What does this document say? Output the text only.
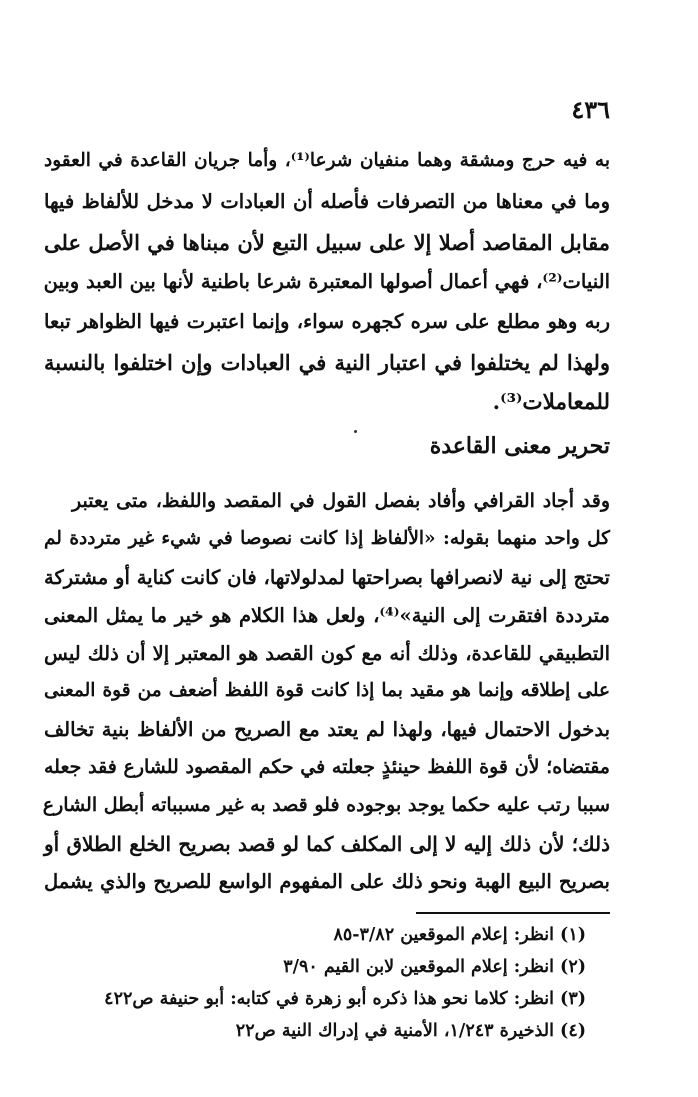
٤٣٦
به فيه حرج ومشقة وهما منفيان شرعا⁽¹⁾، وأما جريان القاعدة في العقود
وما في معناها من التصرفات فأصله أن العبادات لا مدخل للألفاظ فيها
مقابل المقاصد أصلا إلا على سبيل التبع لأن مبناها في الأصل على
النيات⁽²⁾، فهي أعمال أصولها المعتبرة شرعا باطنية لأنها بين العبد وبين
ربه وهو مطلع على سره كجهره سواء، وإنما اعتبرت فيها الظواهر تبعا
ولهذا لم يختلفوا في اعتبار النية في العبادات وإن اختلفوا بالنسبة
للمعاملات⁽³⁾.
تحرير معنى القاعدة
وقد أجاد القرافي وأفاد بفصل القول في المقصد واللفظ، متى يعتبر
كل واحد منهما بقوله: «الألفاظ إذا كانت نصوصا في شيء غير مترددة لم
تحتج إلى نية لانصرافها بصراحتها لمدلولاتها، فان كانت كناية أو مشتركة
مترددة افتقرت إلى النية»⁽⁴⁾، ولعل هذا الكلام هو خير ما يمثل المعنى
التطبيقي للقاعدة، وذلك أنه مع كون القصد هو المعتبر إلا أن ذلك ليس
على إطلاقه وإنما هو مقيد بما إذا كانت قوة اللفظ أضعف من قوة المعنى
بدخول الاحتمال فيها، ولهذا لم يعتد مع الصريح من الألفاظ بنية تخالف
مقتضاه؛ لأن قوة اللفظ حينئذٍ جعلته في حكم المقصود للشارع فقد جعله
سببا رتب عليه حكما يوجد بوجوده فلو قصد به غير مسبباته أبطل الشارع
ذلك؛ لأن ذلك إليه لا إلى المكلف كما لو قصد بصريح الخلع الطلاق أو
بصريح البيع الهبة ونحو ذلك على المفهوم الواسع للصريح والذي يشمل
(١) انظر: إعلام الموقعين ٣/٨٢-٨٥
(٢) انظر: إعلام الموقعين لابن القيم ٣/٩٠
(٣) انظر: كلاما نحو هذا ذكره أبو زهرة في كتابه: أبو حنيفة ص٤٢٢
(٤) الذخيرة ١/٢٤٣، الأمنية في إدراك النية ص٢٢
